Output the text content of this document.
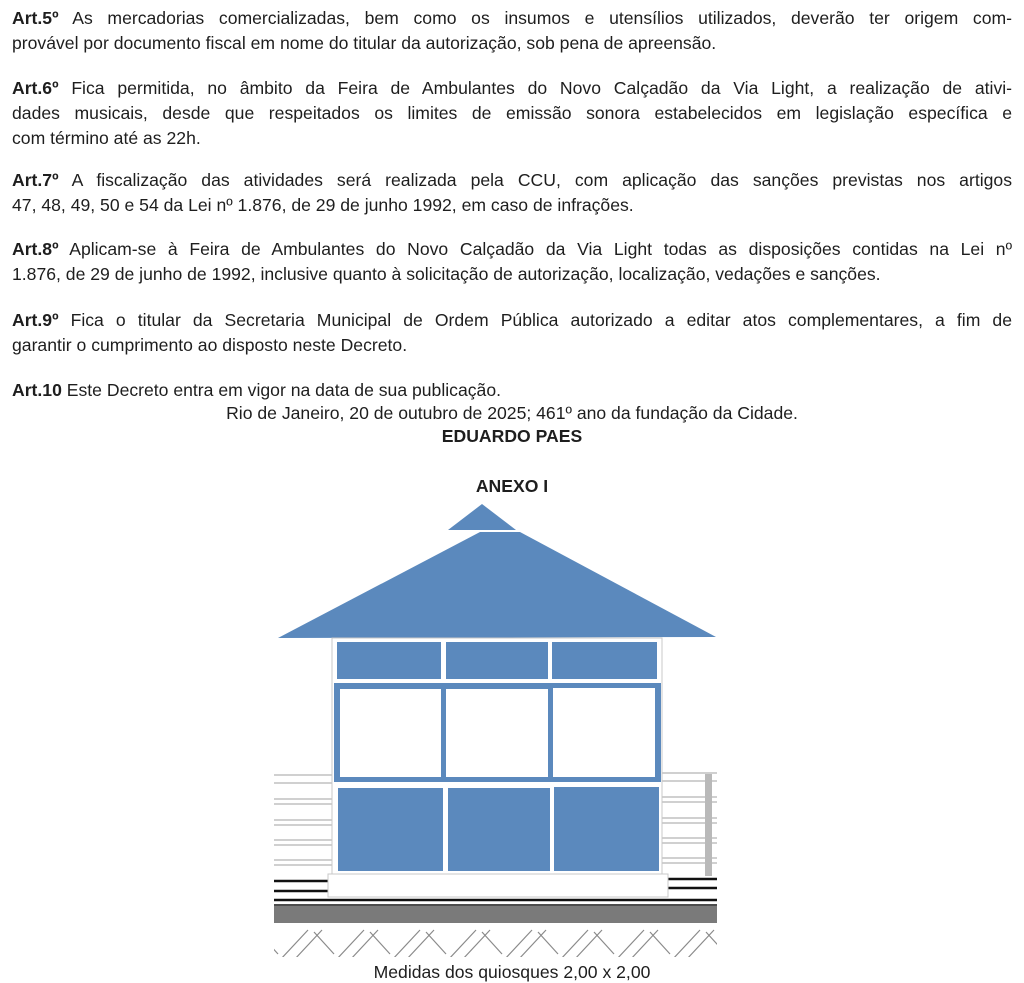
Art.5º As mercadorias comercializadas, bem como os insumos e utensílios utilizados, deverão ter origem com-
provável por documento fiscal em nome do titular da autorização, sob pena de apreensão.
Art.6º Fica permitida, no âmbito da Feira de Ambulantes do Novo Calçadão da Via Light, a realização de ativi-
dades musicais, desde que respeitados os limites de emissão sonora estabelecidos em legislação específica e
com término até as 22h.
Art.7º A fiscalização das atividades será realizada pela CCU, com aplicação das sanções previstas nos artigos
47, 48, 49, 50 e 54 da Lei nº 1.876, de 29 de junho 1992, em caso de infrações.
Art.8º Aplicam-se à Feira de Ambulantes do Novo Calçadão da Via Light todas as disposições contidas na Lei nº
1.876, de 29 de junho de 1992, inclusive quanto à solicitação de autorização, localização, vedações e sanções.
Art.9º Fica o titular da Secretaria Municipal de Ordem Pública autorizado a editar atos complementares, a fim de
garantir o cumprimento ao disposto neste Decreto.
Art.10 Este Decreto entra em vigor na data de sua publicação.
Rio de Janeiro, 20 de outubro de 2025; 461º ano da fundação da Cidade.
EDUARDO PAES
ANEXO I
Medidas dos quiosques 2,00 x 2,00
